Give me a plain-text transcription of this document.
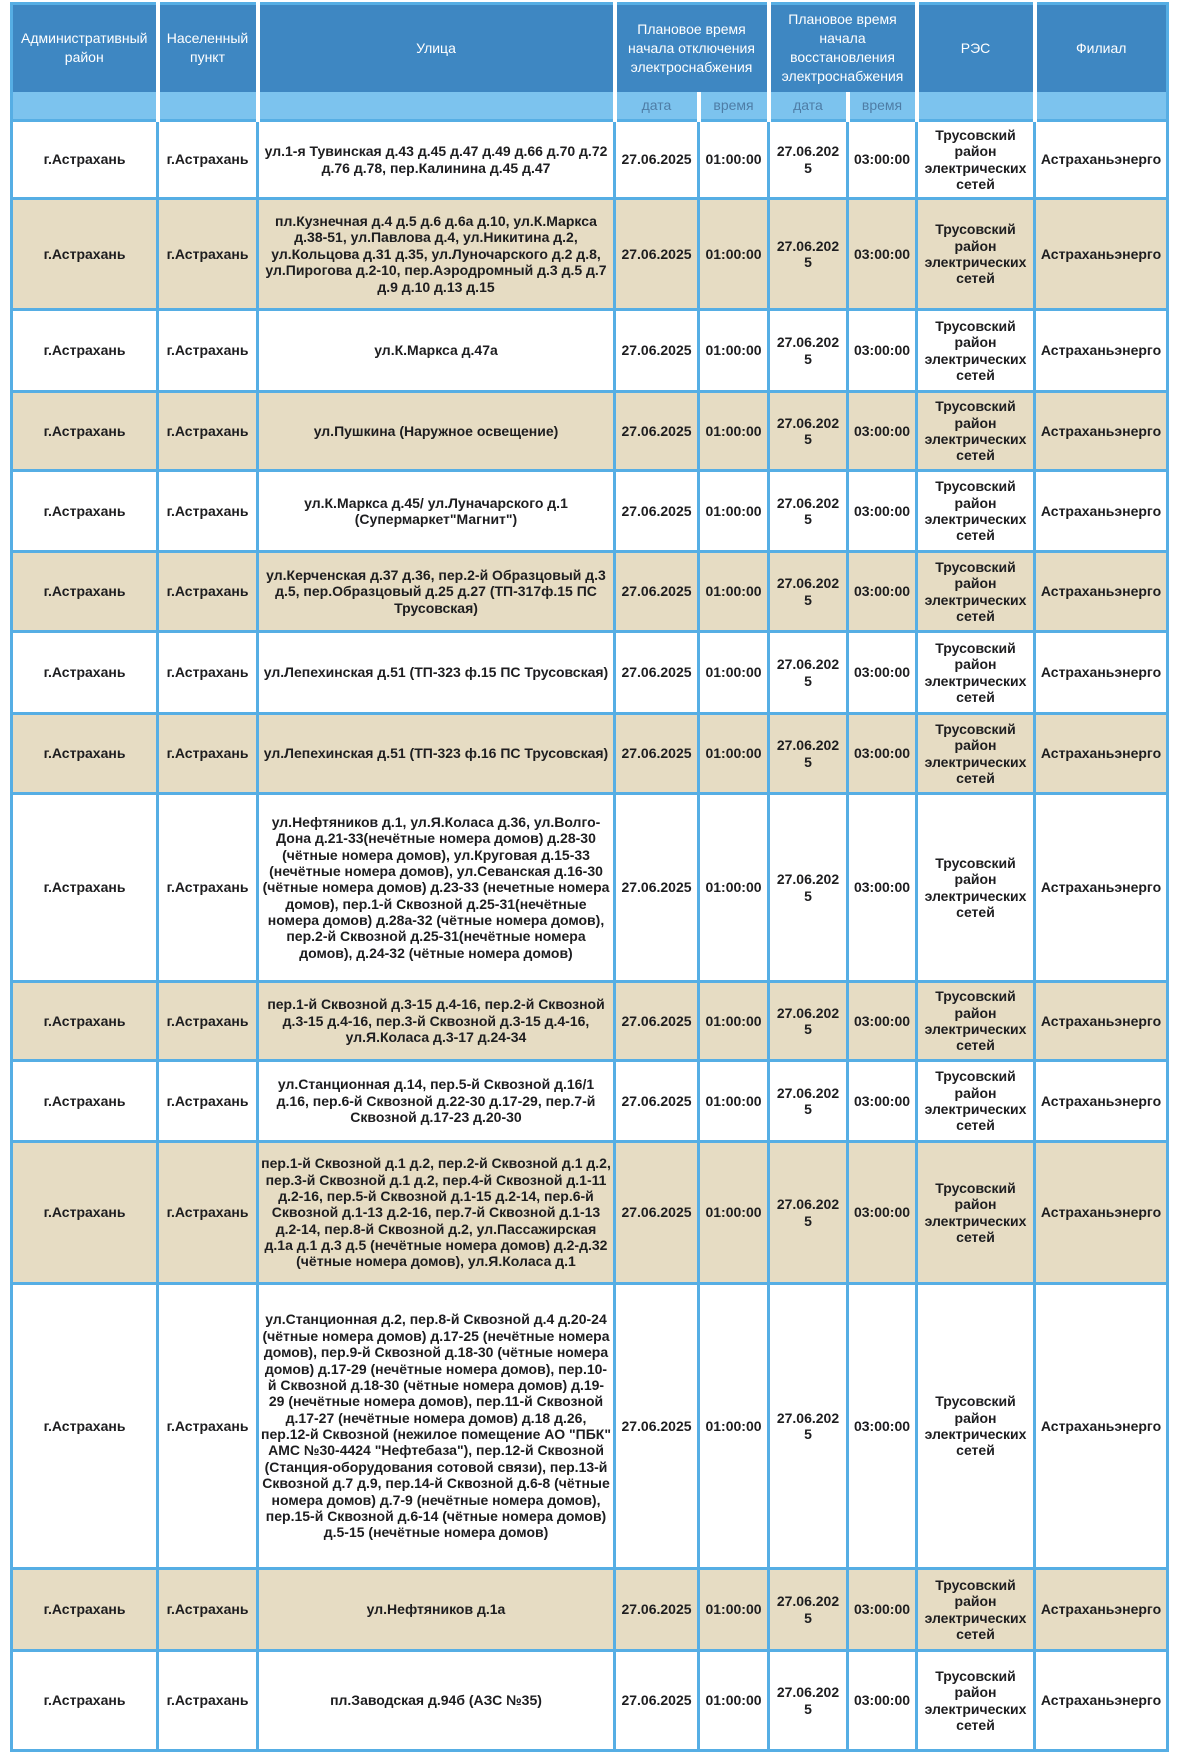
Административный район	Населенный пункт	Улица	Плановое время начала отключения электроснабжения		Плановое время начала восстановления электроснабжения		РЭС	Филиал
			дата	время	дата	время		
г.Астрахань	г.Астрахань	ул.1-я Тувинская д.43 д.45 д.47 д.49 д.66 д.70 д.72 д.76 д.78, пер.Калинина д.45 д.47	27.06.2025	01:00:00	27.06.2025	03:00:00	Трусовский район электрических сетей	Астраханьэнерго
г.Астрахань	г.Астрахань	пл.Кузнечная д.4 д.5 д.6 д.6а д.10, ул.К.Маркса д.38-51, ул.Павлова д.4, ул.Никитина д.2, ул.Кольцова д.31 д.35, ул.Луночарского д.2 д.8, ул.Пирогова д.2-10, пер.Аэродромный д.3 д.5 д.7 д.9 д.10 д.13 д.15	27.06.2025	01:00:00	27.06.2025	03:00:00	Трусовский район электрических сетей	Астраханьэнерго
г.Астрахань	г.Астрахань	ул.К.Маркса д.47а	27.06.2025	01:00:00	27.06.2025	03:00:00	Трусовский район электрических сетей	Астраханьэнерго
г.Астрахань	г.Астрахань	ул.Пушкина (Наружное освещение)	27.06.2025	01:00:00	27.06.2025	03:00:00	Трусовский район электрических сетей	Астраханьэнерго
г.Астрахань	г.Астрахань	ул.К.Маркса д.45/ ул.Луначарского д.1 (Супермаркет"Магнит")	27.06.2025	01:00:00	27.06.2025	03:00:00	Трусовский район электрических сетей	Астраханьэнерго
г.Астрахань	г.Астрахань	ул.Керченская д.37 д.36, пер.2-й Образцовый д.3 д.5, пер.Образцовый д.25 д.27 (ТП-317ф.15 ПС Трусовская)	27.06.2025	01:00:00	27.06.2025	03:00:00	Трусовский район электрических сетей	Астраханьэнерго
г.Астрахань	г.Астрахань	ул.Лепехинская д.51 (ТП-323 ф.15 ПС Трусовская)	27.06.2025	01:00:00	27.06.2025	03:00:00	Трусовский район электрических сетей	Астраханьэнерго
г.Астрахань	г.Астрахань	ул.Лепехинская д.51 (ТП-323 ф.16 ПС Трусовская)	27.06.2025	01:00:00	27.06.2025	03:00:00	Трусовский район электрических сетей	Астраханьэнерго
г.Астрахань	г.Астрахань	ул.Нефтяников д.1, ул.Я.Коласа д.36, ул.Волго-Дона д.21-33(нечётные номера домов) д.28-30 (чётные номера домов), ул.Круговая д.15-33 (нечётные номера домов), ул.Севанская д.16-30 (чётные номера домов) д.23-33 (нечетные номера домов), пер.1-й Сквозной д.25-31(нечётные номера домов) д.28а-32 (чётные номера домов), пер.2-й Сквозной д.25-31(нечётные номера домов), д.24-32 (чётные номера домов)	27.06.2025	01:00:00	27.06.2025	03:00:00	Трусовский район электрических сетей	Астраханьэнерго
г.Астрахань	г.Астрахань	пер.1-й Сквозной д.3-15 д.4-16, пер.2-й Сквозной д.3-15 д.4-16, пер.3-й Сквозной д.3-15 д.4-16, ул.Я.Коласа д.3-17 д.24-34	27.06.2025	01:00:00	27.06.2025	03:00:00	Трусовский район электрических сетей	Астраханьэнерго
г.Астрахань	г.Астрахань	ул.Станционная д.14, пер.5-й Сквозной д.16/1 д.16, пер.6-й Сквозной д.22-30 д.17-29, пер.7-й Сквозной д.17-23 д.20-30	27.06.2025	01:00:00	27.06.2025	03:00:00	Трусовский район электрических сетей	Астраханьэнерго
г.Астрахань	г.Астрахань	пер.1-й Сквозной д.1 д.2, пер.2-й Сквозной д.1 д.2, пер.3-й Сквозной д.1 д.2, пер.4-й Сквозной д.1-11 д.2-16, пер.5-й Сквозной д.1-15 д.2-14, пер.6-й Сквозной д.1-13 д.2-16, пер.7-й Сквозной д.1-13 д.2-14, пер.8-й Сквозной д.2, ул.Пассажирская д.1а д.1 д.3 д.5 (нечётные номера домов) д.2-д.32 (чётные номера домов), ул.Я.Коласа д.1	27.06.2025	01:00:00	27.06.2025	03:00:00	Трусовский район электрических сетей	Астраханьэнерго
г.Астрахань	г.Астрахань	ул.Станционная д.2, пер.8-й Сквозной д.4 д.20-24 (чётные номера домов) д.17-25 (нечётные номера домов), пер.9-й Сквозной д.18-30 (чётные номера домов) д.17-29 (нечётные номера домов), пер.10-й Сквозной д.18-30 (чётные номера домов) д.19-29 (нечётные номера домов), пер.11-й Сквозной д.17-27 (нечётные номера домов) д.18 д.26, пер.12-й Сквозной (нежилое помещение АО "ПБК" АМС №30-4424 "Нефтебаза"), пер.12-й Сквозной (Станция-оборудования сотовой связи), пер.13-й Сквозной д.7 д.9, пер.14-й Сквозной д.6-8 (чётные номера домов) д.7-9 (нечётные номера домов), пер.15-й Сквозной д.6-14 (чётные номера домов) д.5-15 (нечётные номера домов)	27.06.2025	01:00:00	27.06.2025	03:00:00	Трусовский район электрических сетей	Астраханьэнерго
г.Астрахань	г.Астрахань	ул.Нефтяников д.1а	27.06.2025	01:00:00	27.06.2025	03:00:00	Трусовский район электрических сетей	Астраханьэнерго
г.Астрахань	г.Астрахань	пл.Заводская д.94б (АЗС №35)	27.06.2025	01:00:00	27.06.2025	03:00:00	Трусовский район электрических сетей	Астраханьэнерго
